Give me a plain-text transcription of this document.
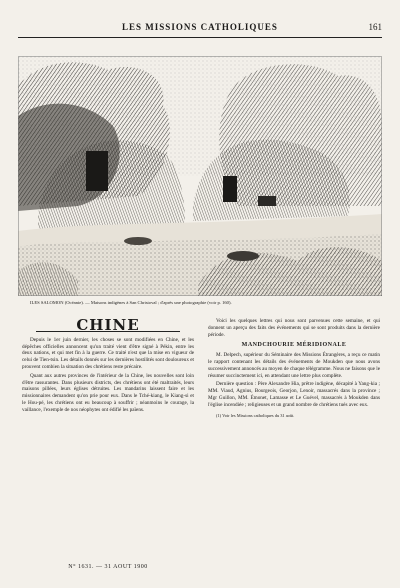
LES MISSIONS CATHOLIQUES	161
ILES SALOMON (Océanie). — Maisons indigènes à San Christoval ; d'après une photographie (voir p. 160).
CHINE

Depuis le 1er juin dernier, les choses se sont modifiées en Chine, et les dépêches officielles annoncent qu'un traité vient d'être signé à Pékin, entre les deux nations, et qui met fin à la guerre. Ce traité n'est que la mise en vigueur de celui de Tien-tsin. Les détails donnés sur les dernières hostilités sont douloureux et prouvent combien la situation des chrétiens reste précaire.

Quant aux autres provinces de l'intérieur de la Chine, les nouvelles sont loin d'être rassurantes. Dans plusieurs districts, des chrétiens ont été maltraités, leurs maisons pillées, leurs églises détruites. Les mandarins laissent faire et les missionnaires demandent qu'on prie pour eux. Dans le Tché-kiang, le Kiang-si et le Hou-pé, les chrétiens ont eu beaucoup à souffrir ; néanmoins le courage, la vaillance, l'exemple de nos néophytes ont édifié les païens.

Voici les quelques lettres qui nous sont parvenues cette semaine, et qui donnent un aperçu des faits des événements qui se sont produits dans la dernière période.

MANDCHOURIE MÉRIDIONALE

M. Delpech, supérieur du Séminaire des Missions Étrangères, a reçu ce matin le rapport contenant les détails des événements de Moukden que nous avons successivement annoncés au moyen de chaque télégramme. Nous ne faisons que le résumer succinctement ici, en attendant une lettre plus complète.

Dernière question : Père Alexandre Hia, prêtre indigène, décapité à Yang-kia ; MM. Viaud, Agnius, Bourgeois, Georjon, Lenoir, massacrés dans la province ; Mgr Guillon, MM. Émonet, Lamasse et Le Guével, massacrés à Moukden dans l'église incendiée ; religieuses et un grand nombre de chrétiens tués avec eux.

(1) Voir les Missions catholiques du 31 août.
N° 1631. — 31 AOUT 1900
